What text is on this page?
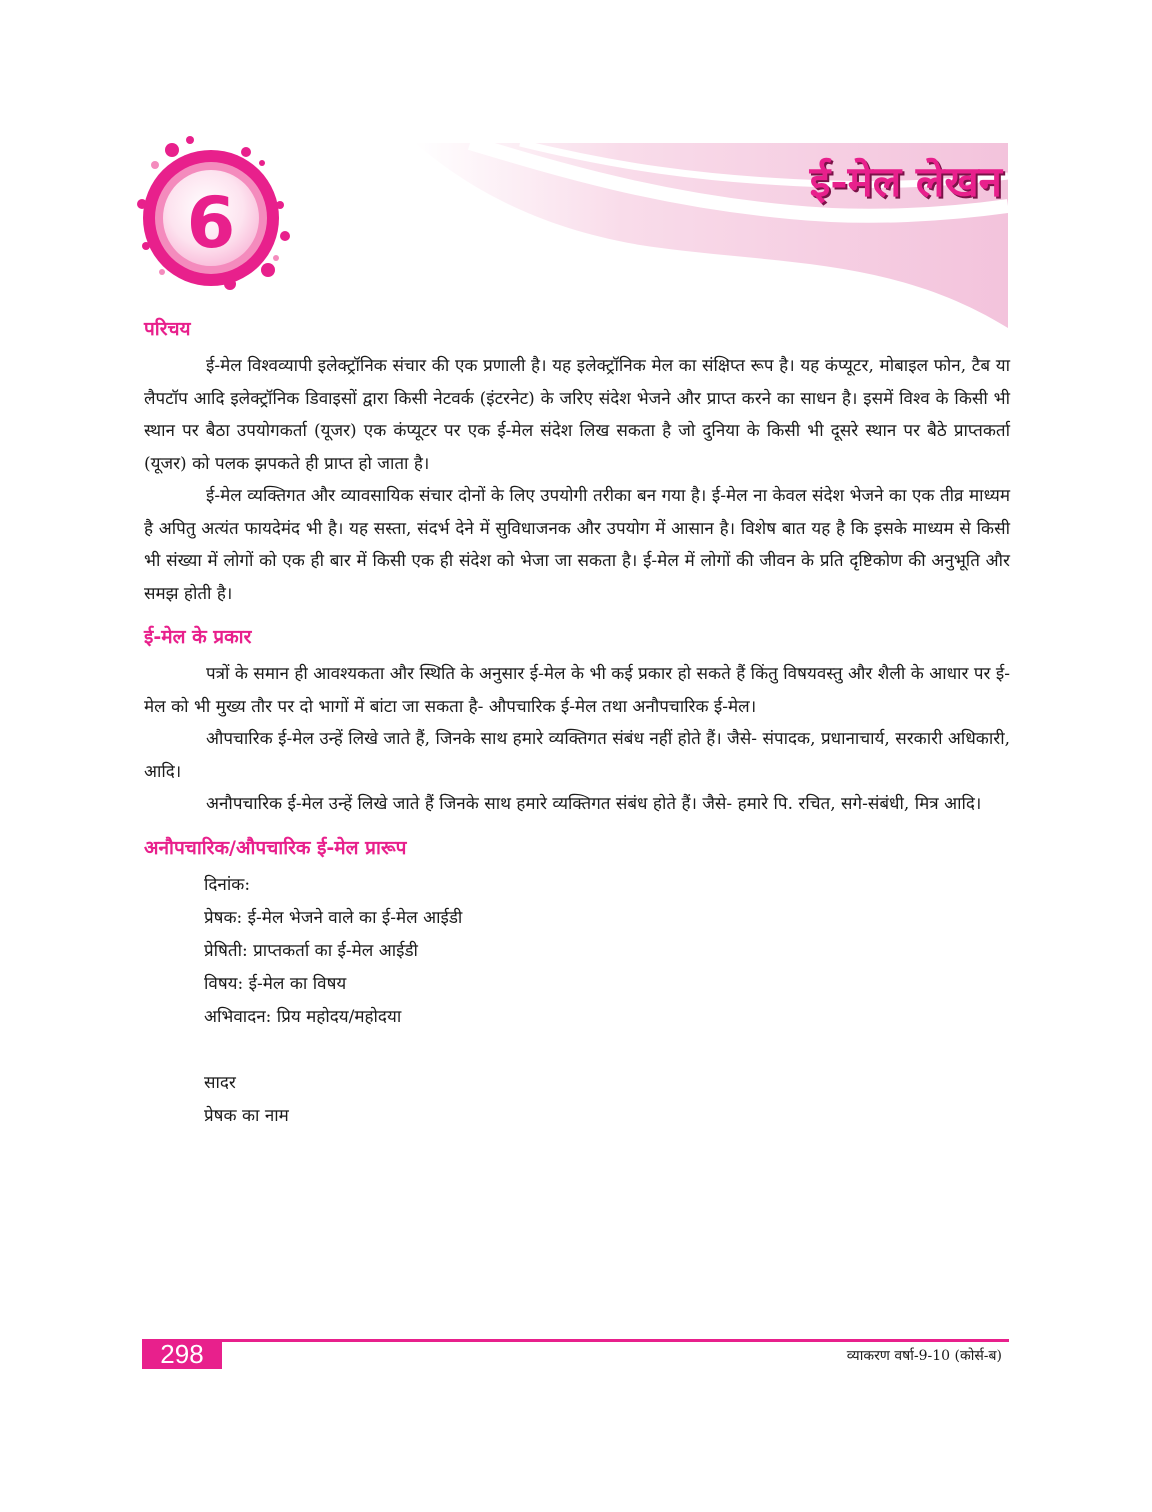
6
ई-मेल लेखन
परिचय

ई-मेल विश्वव्यापी इलेक्ट्रॉनिक संचार की एक प्रणाली है। यह इलेक्ट्रॉनिक मेल का संक्षिप्त रूप है। यह कंप्यूटर, मोबाइल फोन, टैब या लैपटॉप आदि इलेक्ट्रॉनिक डिवाइसों द्वारा किसी नेटवर्क (इंटरनेट) के जरिए संदेश भेजने और प्राप्त करने का साधन है। इसमें विश्व के किसी भी स्थान पर बैठा उपयोगकर्ता (यूजर) एक कंप्यूटर पर एक ई-मेल संदेश लिख सकता है जो दुनिया के किसी भी दूसरे स्थान पर बैठे प्राप्तकर्ता (यूजर) को पलक झपकते ही प्राप्त हो जाता है।

ई-मेल व्यक्तिगत और व्यावसायिक संचार दोनों के लिए उपयोगी तरीका बन गया है। ई-मेल ना केवल संदेश भेजने का एक तीव्र माध्यम है अपितु अत्यंत फायदेमंद भी है। यह सस्ता, संदर्भ देने में सुविधाजनक और उपयोग में आसान है। विशेष बात यह है कि इसके माध्यम से किसी भी संख्या में लोगों को एक ही बार में किसी एक ही संदेश को भेजा जा सकता है। ई-मेल में लोगों की जीवन के प्रति दृष्टिकोण की अनुभूति और समझ होती है।

ई-मेल के प्रकार

पत्रों के समान ही आवश्यकता और स्थिति के अनुसार ई-मेल के भी कई प्रकार हो सकते हैं किंतु विषयवस्तु और शैली के आधार पर ई-मेल को भी मुख्य तौर पर दो भागों में बांटा जा सकता है- औपचारिक ई-मेल तथा अनौपचारिक ई-मेल।

औपचारिक ई-मेल उन्हें लिखे जाते हैं, जिनके साथ हमारे व्यक्तिगत संबंध नहीं होते हैं। जैसे- संपादक, प्रधानाचार्य, सरकारी अधिकारी, आदि।

अनौपचारिक ई-मेल उन्हें लिखे जाते हैं जिनके साथ हमारे व्यक्तिगत संबंध होते हैं। जैसे- हमारे पि. रचित, सगे-संबंधी, मित्र आदि।

अनौपचारिक/औपचारिक ई-मेल प्रारूप
दिनांक:
प्रेषक: ई-मेल भेजने वाले का ई-मेल आईडी
प्रेषिती: प्राप्तकर्ता का ई-मेल आईडी
विषय: ई-मेल का विषय
अभिवादन: प्रिय महोदय/महोदया
सादर
प्रेषक का नाम
298	व्याकरण वर्षा-9-10 (कोर्स-ब)
